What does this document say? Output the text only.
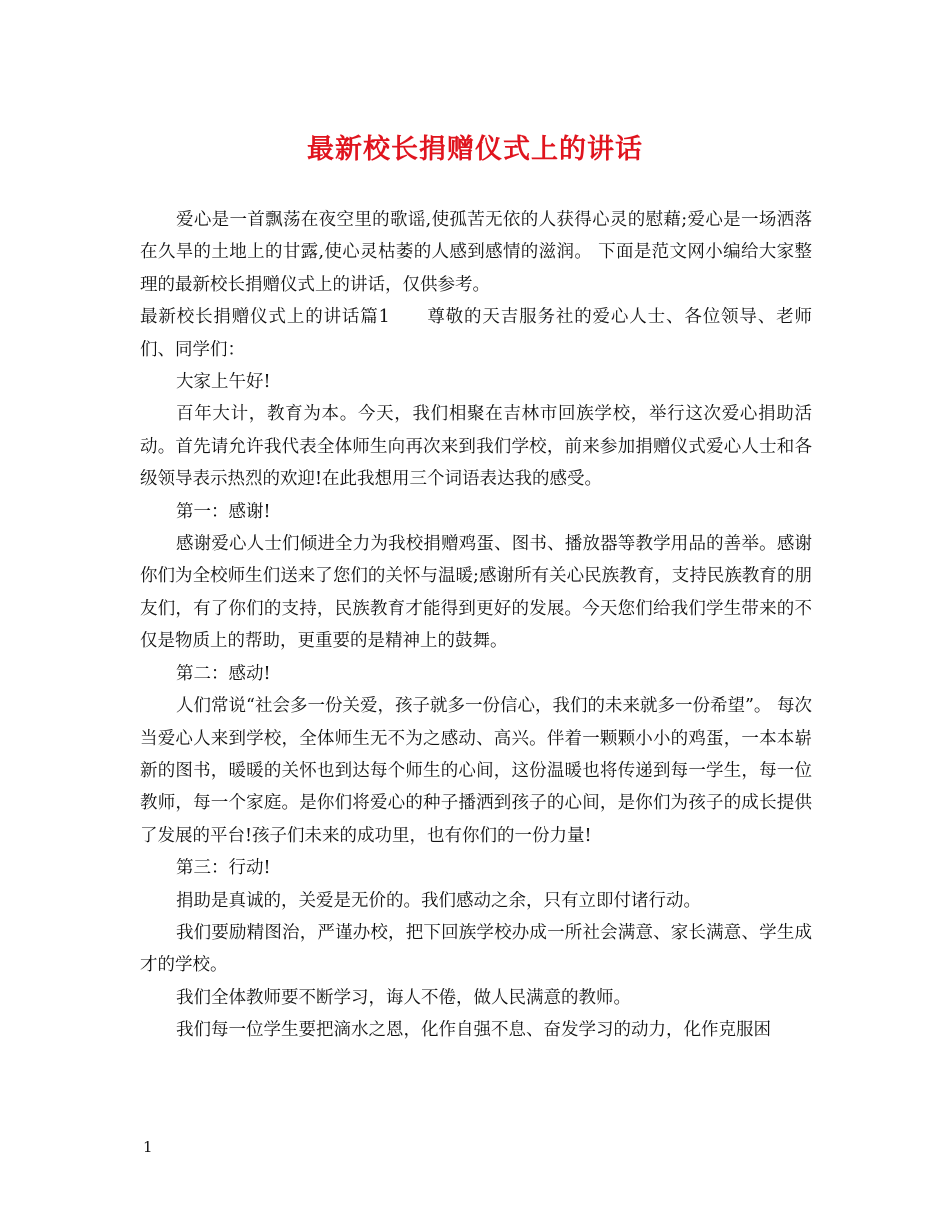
最新校长捐赠仪式上的讲话

爱心是一首飘荡在夜空里的歌谣,使孤苦无依的人获得心灵的慰藉;爱心是一场洒落在久旱的土地上的甘露,使心灵枯萎的人感到感情的滋润。 下面是范文网小编给大家整理的最新校长捐赠仪式上的讲话，仅供参考。

最新校长捐赠仪式上的讲话篇1　　尊敬的天吉服务社的爱心人士、各位领导、老师们、同学们：

大家上午好!

百年大计，教育为本。今天，我们相聚在吉林市回族学校，举行这次爱心捐助活动。首先请允许我代表全体师生向再次来到我们学校，前来参加捐赠仪式爱心人士和各级领导表示热烈的欢迎!在此我想用三个词语表达我的感受。

第一：感谢!

感谢爱心人士们倾进全力为我校捐赠鸡蛋、图书、播放器等教学用品的善举。感谢你们为全校师生们送来了您们的关怀与温暖;感谢所有关心民族教育，支持民族教育的朋友们，有了你们的支持，民族教育才能得到更好的发展。今天您们给我们学生带来的不仅是物质上的帮助，更重要的是精神上的鼓舞。

第二：感动!

人们常说“社会多一份关爱，孩子就多一份信心，我们的未来就多一份希望”。 每次当爱心人来到学校，全体师生无不为之感动、高兴。伴着一颗颗小小的鸡蛋，一本本崭新的图书，暖暖的关怀也到达每个师生的心间，这份温暖也将传递到每一学生，每一位教师，每一个家庭。是你们将爱心的种子播洒到孩子的心间，是你们为孩子的成长提供了发展的平台!孩子们未来的成功里，也有你们的一份力量!

第三：行动!

捐助是真诚的，关爱是无价的。我们感动之余，只有立即付诸行动。

我们要励精图治，严谨办校，把下回族学校办成一所社会满意、家长满意、学生成才的学校。

我们全体教师要不断学习，诲人不倦，做人民满意的教师。

我们每一位学生要把滴水之恩，化作自强不息、奋发学习的动力，化作克服困

1
